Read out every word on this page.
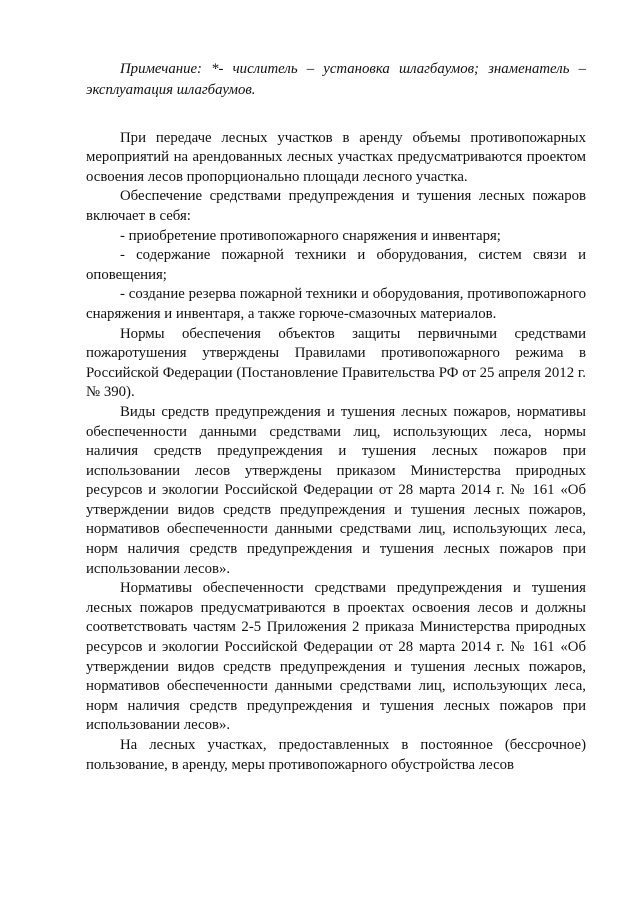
Примечание: *- числитель – установка шлагбаумов; знаменатель – эксплуатация шлагбаумов.

При передаче лесных участков в аренду объемы противопожарных мероприятий на арендованных лесных участках предусматриваются проектом освоения лесов пропорционально площади лесного участка.

Обеспечение средствами предупреждения и тушения лесных пожаров включает в себя:

- приобретение противопожарного снаряжения и инвентаря;

- содержание пожарной техники и оборудования, систем связи и оповещения;

- создание резерва пожарной техники и оборудования, противопожарного снаряжения и инвентаря, а также горюче-смазочных материалов.

Нормы обеспечения объектов защиты первичными средствами пожаротушения утверждены Правилами противопожарного режима в Российской Федерации (Постановление Правительства РФ от 25 апреля 2012 г. № 390).

Виды средств предупреждения и тушения лесных пожаров, нормативы обеспеченности данными средствами лиц, использующих леса, нормы наличия средств предупреждения и тушения лесных пожаров при использовании лесов утверждены приказом Министерства природных ресурсов и экологии Российской Федерации от 28 марта 2014 г. № 161 «Об утверждении видов средств предупреждения и тушения лесных пожаров, нормативов обеспеченности данными средствами лиц, использующих леса, норм наличия средств предупреждения и тушения лесных пожаров при использовании лесов».

Нормативы обеспеченности средствами предупреждения и тушения лесных пожаров предусматриваются в проектах освоения лесов и должны соответствовать частям 2-5 Приложения 2 приказа Министерства природных ресурсов и экологии Российской Федерации от 28 марта 2014 г. № 161 «Об утверждении видов средств предупреждения и тушения лесных пожаров, нормативов обеспеченности данными средствами лиц, использующих леса, норм наличия средств предупреждения и тушения лесных пожаров при использовании лесов».

На лесных участках, предоставленных в постоянное (бессрочное) пользование, в аренду, меры противопожарного обустройства лесов
